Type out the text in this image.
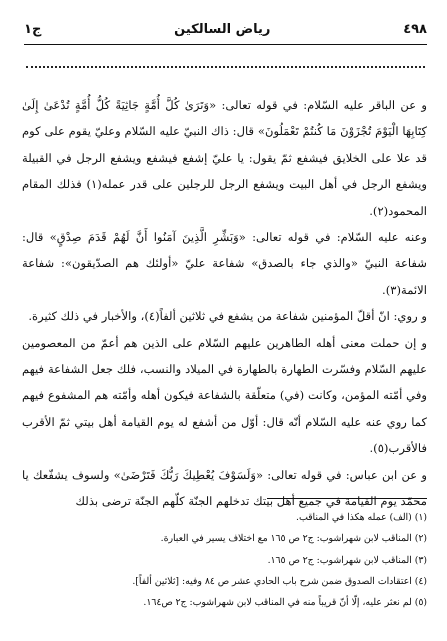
٤٩٨
رياض السالكين
ج١

و عن الباقر عليه السّلام: في قوله تعالى: «وَتَرَىٰ كُلَّ أُمَّةٍ جَاثِيَةً كُلُّ أُمَّةٍ تُدْعَىٰ إِلَىٰ كِتَابِهَا الْيَوْمَ تُجْزَوْنَ مَا كُنتُمْ تَعْمَلُونَ» قال: ذاك النبيّ عليه السّلام وعليّ يقوم على كوم قد علا على الخلايق فيشفع ثمّ يقول: يا عليّ إشفع فيشفع ويشفع الرجل في القبيلة ويشفع الرجل في أهل البيت ويشفع الرجل للرجلين على قدر عمله(١) فذلك المقام المحمود(٢).

وعنه عليه السّلام: في قوله تعالى: «وَبَشِّرِ الَّذِينَ آمَنُوا أَنَّ لَهُمْ قَدَمَ صِدْقٍ» قال: شفاعة النبيّ «والذي جاء بالصدق» شفاعة عليّ «أولئك هم الصدّيقون»: شفاعة الائمة(٣).

و روي: انّ أقلّ المؤمنين شفاعة من يشفع في ثلاثين ألفاً(٤)، والأخبار في ذلك كثيرة.

و إن حملت معنى أهله الطاهرين عليهم السّلام على الذين هم أعمّ من المعصومين عليهم السّلام وفسّرت الطهارة بالطهارة في الميلاد والنسب، فلك جعل الشفاعة فيهم وفي أمّته المؤمن، وكانت (في) متعلّقة بالشفاعة فيكون أهله وأمّته هم المشفوع فيهم كما روي عنه عليه السّلام أنّه قال: أوّل من أشفع له يوم القيامة أهل بيتي ثمّ الأقرب فالأقرب(٥).

و عن ابن عباس: في قوله تعالى: «وَلَسَوْفَ يُعْطِيكَ رَبُّكَ فَتَرْضَىٰ» ولسوف يشفّعك يا محمّد يوم القيامة في جميع أهل بيتك تدخلهم الجنّة كلّهم الجنّة ترضى بذلك

(١) (الف) عمله هكذا في المناقب.
(٢) المناقب لابن شهراشوب: ج٢ ص ١٦٥ مع اختلاف يسير في العبارة.
(٣) المناقب لابن شهراشوب: ج٢ ص ١٦٥.
(٤) اعتقادات الصدوق ضمن شرح باب الحادي عشر ص ٨٤ وفيه: [ثلاثين ألفاً].
(٥) لم نعثر عليه، إلّا أنّ قريباً منه في المناقب لابن شهراشوب: ج٢ ص١٦٤.
